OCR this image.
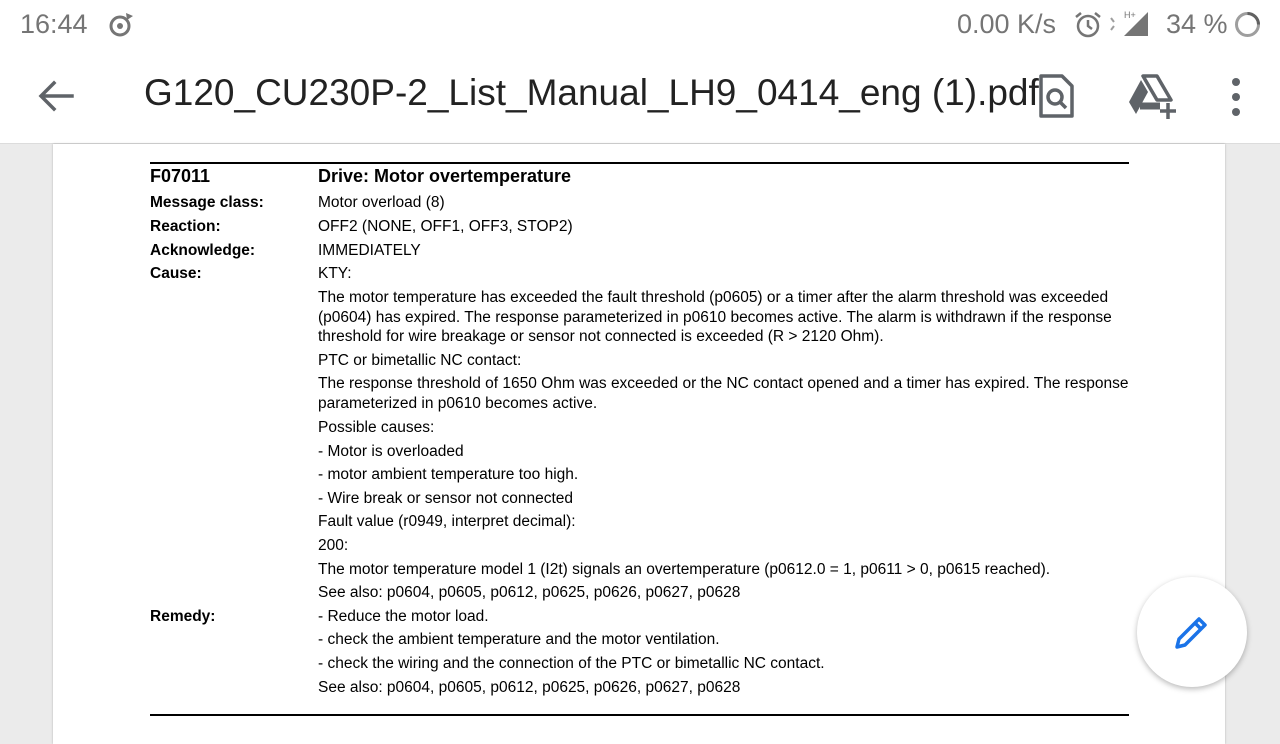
16:44	0.00 K/s	H+ 34 %
G120_CU230P-2_List_Manual_LH9_0414_eng (1).pdf
F07011	Drive: Motor overtemperature
Message class:	Motor overload (8)
Reaction:	OFF2 (NONE, OFF1, OFF3, STOP2)
Acknowledge:	IMMEDIATELY
Cause:	KTY:
The motor temperature has exceeded the fault threshold (p0605) or a timer after the alarm threshold was exceeded (p0604) has expired. The response parameterized in p0610 becomes active. The alarm is withdrawn if the response threshold for wire breakage or sensor not connected is exceeded (R > 2120 Ohm).
PTC or bimetallic NC contact:
The response threshold of 1650 Ohm was exceeded or the NC contact opened and a timer has expired. The response parameterized in p0610 becomes active.
Possible causes:
- Motor is overloaded
- motor ambient temperature too high.
- Wire break or sensor not connected
Fault value (r0949, interpret decimal):
200:
The motor temperature model 1 (I2t) signals an overtemperature (p0612.0 = 1, p0611 > 0, p0615 reached).
See also: p0604, p0605, p0612, p0625, p0626, p0627, p0628
Remedy:	- Reduce the motor load.
- check the ambient temperature and the motor ventilation.
- check the wiring and the connection of the PTC or bimetallic NC contact.
See also: p0604, p0605, p0612, p0625, p0626, p0627, p0628
